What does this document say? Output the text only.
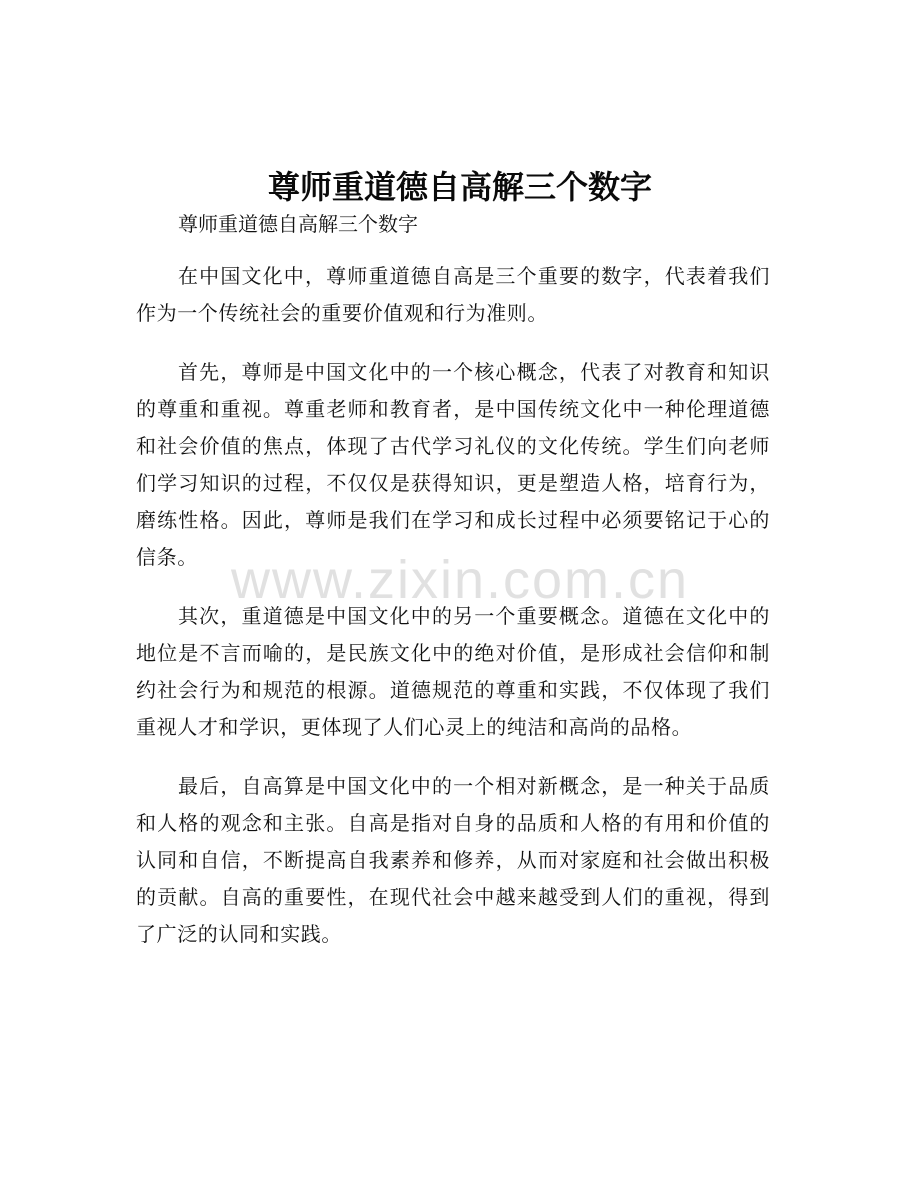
尊师重道德自高解三个数字
尊师重道德自高解三个数字

在中国文化中，尊师重道德自高是三个重要的数字，代表着我们作为一个传统社会的重要价值观和行为准则。

首先，尊师是中国文化中的一个核心概念，代表了对教育和知识的尊重和重视。尊重老师和教育者，是中国传统文化中一种伦理道德和社会价值的焦点，体现了古代学习礼仪的文化传统。学生们向老师们学习知识的过程，不仅仅是获得知识，更是塑造人格，培育行为，磨练性格。因此，尊师是我们在学习和成长过程中必须要铭记于心的信条。

其次，重道德是中国文化中的另一个重要概念。道德在文化中的地位是不言而喻的，是民族文化中的绝对价值，是形成社会信仰和制约社会行为和规范的根源。道德规范的尊重和实践，不仅体现了我们重视人才和学识，更体现了人们心灵上的纯洁和高尚的品格。

最后，自高算是中国文化中的一个相对新概念，是一种关于品质和人格的观念和主张。自高是指对自身的品质和人格的有用和价值的认同和自信，不断提高自我素养和修养，从而对家庭和社会做出积极的贡献。自高的重要性，在现代社会中越来越受到人们的重视，得到了广泛的认同和实践。

www.zixin.com.cn
